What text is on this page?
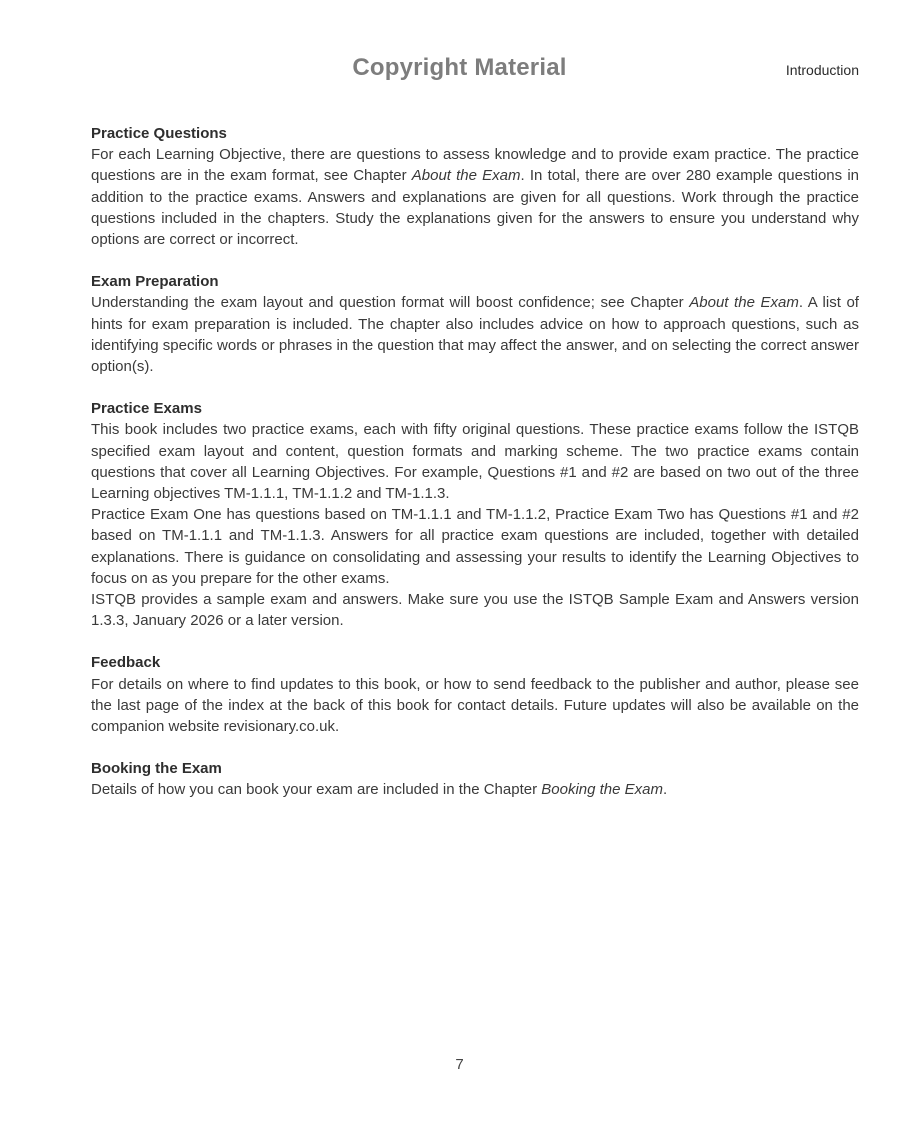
Copyright Material	Introduction
Practice Questions

For each Learning Objective, there are questions to assess knowledge and to provide exam practice. The practice questions are in the exam format, see Chapter About the Exam. In total, there are over 280 example questions in addition to the practice exams. Answers and explanations are given for all questions. Work through the practice questions included in the chapters. Study the explanations given for the answers to ensure you understand why options are correct or incorrect.

Exam Preparation

Understanding the exam layout and question format will boost confidence; see Chapter About the Exam. A list of hints for exam preparation is included. The chapter also includes advice on how to approach questions, such as identifying specific words or phrases in the question that may affect the answer, and on selecting the correct answer option(s).

Practice Exams

This book includes two practice exams, each with fifty original questions. These practice exams follow the ISTQB specified exam layout and content, question formats and marking scheme. The two practice exams contain questions that cover all Learning Objectives. For example, Questions #1 and #2 are based on two out of the three Learning objectives TM-1.1.1, TM-1.1.2 and TM-1.1.3.

Practice Exam One has questions based on TM-1.1.1 and TM-1.1.2, Practice Exam Two has Questions #1 and #2 based on TM-1.1.1 and TM-1.1.3. Answers for all practice exam questions are included, together with detailed explanations. There is guidance on consolidating and assessing your results to identify the Learning Objectives to focus on as you prepare for the other exams.

ISTQB provides a sample exam and answers. Make sure you use the ISTQB Sample Exam and Answers version 1.3.3, January 2026 or a later version.

Feedback

For details on where to find updates to this book, or how to send feedback to the publisher and author, please see the last page of the index at the back of this book for contact details. Future updates will also be available on the companion website revisionary.co.uk.

Booking the Exam

Details of how you can book your exam are included in the Chapter Booking the Exam.

7
